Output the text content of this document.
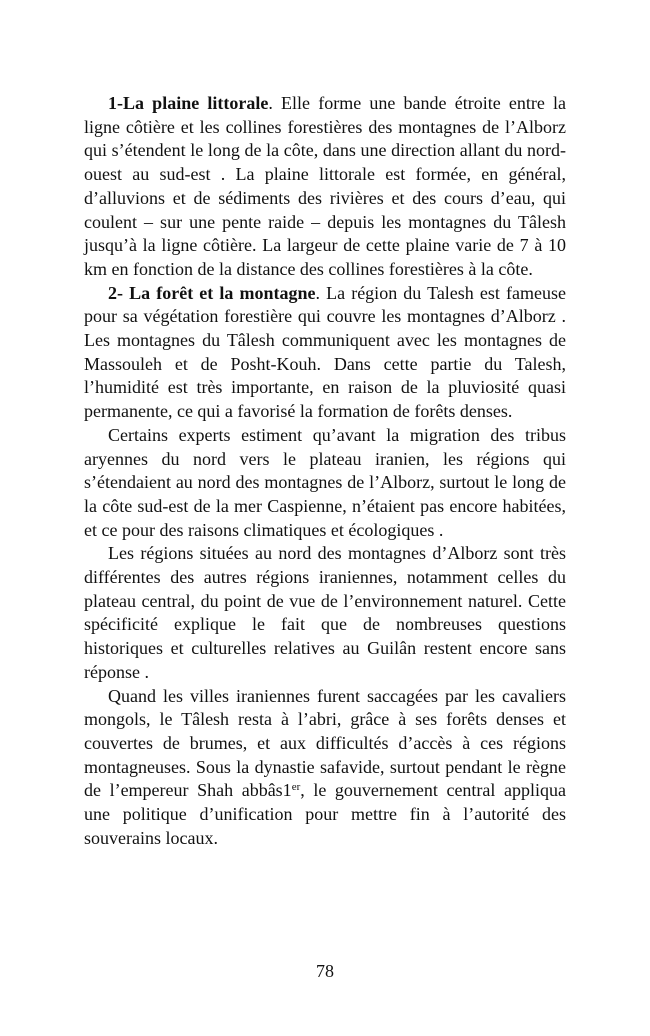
1-La plaine littorale. Elle forme une bande étroite entre la ligne côtière et les collines forestières des montagnes de l’Alborz qui s’étendent le long de la côte, dans une direction allant du nord-ouest au sud-est . La plaine littorale est formée, en général, d’alluvions et de sédiments des rivières et des cours d’eau, qui coulent – sur une pente raide – depuis les montagnes du Tâlesh jusqu’à la ligne côtière. La largeur de cette plaine varie de 7 à 10 km en fonction de la distance des collines forestières à la côte.

2- La forêt et la montagne. La région du Talesh est fameuse pour sa végétation forestière qui couvre les montagnes d’Alborz . Les montagnes du Tâlesh communiquent avec les montagnes de Massouleh et de Posht-Kouh. Dans cette partie du Talesh, l’humidité est très importante, en raison de la pluviosité quasi permanente, ce qui a favorisé la formation de forêts denses.

Certains experts estiment qu’avant la migration des tribus aryennes du nord vers le plateau iranien, les régions qui s’étendaient au nord des montagnes de l’Alborz, surtout le long de la côte sud-est de la mer Caspienne, n’étaient pas encore habitées, et ce pour des raisons climatiques et écologiques .

Les régions situées au nord des montagnes d’Alborz sont très différentes des autres régions iraniennes, notamment celles du plateau central, du point de vue de l’environnement naturel. Cette spécificité explique le fait que de nombreuses questions historiques et culturelles relatives au Guilân restent encore sans réponse .

Quand les villes iraniennes furent saccagées par les cavaliers mongols, le Tâlesh resta à l’abri, grâce à ses forêts denses et couvertes de brumes, et aux difficultés d’accès à ces régions montagneuses. Sous la dynastie safavide, surtout pendant le règne de l’empereur Shah abbâs1er, le gouvernement central appliqua une politique d’unification pour mettre fin à l’autorité des souverains locaux.

78
